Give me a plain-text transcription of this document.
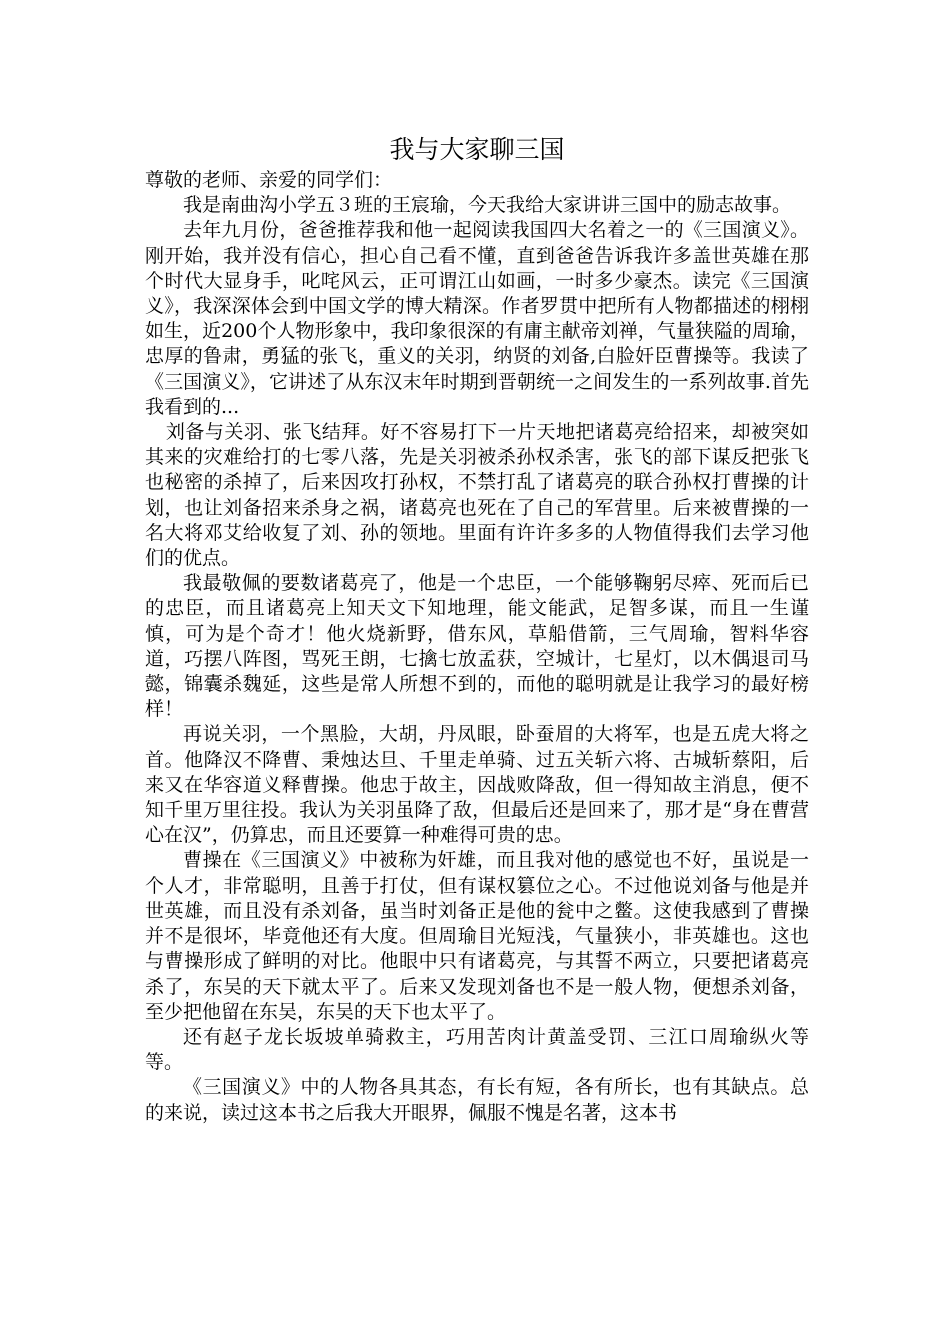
我与大家聊三国

尊敬的老师、亲爱的同学们：

我是南曲沟小学五３班的王宸瑜，今天我给大家讲讲三国中的励志故事。

去年九月份，爸爸推荐我和他一起阅读我国四大名着之一的《三国演义》。刚开始，我并没有信心，担心自己看不懂，直到爸爸告诉我许多盖世英雄在那个时代大显身手，叱咤风云，正可谓江山如画，一时多少豪杰。读完《三国演义》，我深深体会到中国文学的博大精深。作者罗贯中把所有人物都描述的栩栩如生，近200个人物形象中，我印象很深的有庸主献帝刘禅，气量狭隘的周瑜，忠厚的鲁肃，勇猛的张飞，重义的关羽，纳贤的刘备,白脸奸臣曹操等。我读了《三国演义》，它讲述了从东汉末年时期到晋朝统一之间发生的一系列故事.首先我看到的...

刘备与关羽、张飞结拜。好不容易打下一片天地把诸葛亮给招来，却被突如其来的灾难给打的七零八落，先是关羽被杀孙权杀害，张飞的部下谋反把张飞也秘密的杀掉了，后来因攻打孙权，不禁打乱了诸葛亮的联合孙权打曹操的计划，也让刘备招来杀身之祸，诸葛亮也死在了自己的军营里。后来被曹操的一名大将邓艾给收复了刘、孙的领地。里面有许许多多的人物值得我们去学习他们的优点。

我最敬佩的要数诸葛亮了，他是一个忠臣，一个能够鞠躬尽瘁、死而后已的忠臣，而且诸葛亮上知天文下知地理，能文能武，足智多谋，而且一生谨慎，可为是个奇才！他火烧新野，借东风，草船借箭，三气周瑜，智料华容道，巧摆八阵图，骂死王朗，七擒七放孟获，空城计，七星灯，以木偶退司马懿，锦囊杀魏延，这些是常人所想不到的，而他的聪明就是让我学习的最好榜样！

再说关羽，一个黑脸，大胡，丹凤眼，卧蚕眉的大将军，也是五虎大将之首。他降汉不降曹、秉烛达旦、千里走单骑、过五关斩六将、古城斩蔡阳，后来又在华容道义释曹操。他忠于故主，因战败降敌，但一得知故主消息，便不知千里万里往投。我认为关羽虽降了敌，但最后还是回来了，那才是“身在曹营心在汉”，仍算忠，而且还要算一种难得可贵的忠。

曹操在《三国演义》中被称为奸雄，而且我对他的感觉也不好，虽说是一个人才，非常聪明，且善于打仗，但有谋权篡位之心。不过他说刘备与他是并世英雄，而且没有杀刘备，虽当时刘备正是他的瓮中之鳖。这使我感到了曹操并不是很坏，毕竟他还有大度。但周瑜目光短浅，气量狭小，非英雄也。这也与曹操形成了鲜明的对比。他眼中只有诸葛亮，与其誓不两立，只要把诸葛亮杀了，东吴的天下就太平了。后来又发现刘备也不是一般人物，便想杀刘备，至少把他留在东吴，东吴的天下也太平了。

还有赵子龙长坂坡单骑救主，巧用苦肉计黄盖受罚、三江口周瑜纵火等等。

《三国演义》中的人物各具其态，有长有短，各有所长，也有其缺点。总的来说，读过这本书之后我大开眼界，佩服不愧是名著，这本书
